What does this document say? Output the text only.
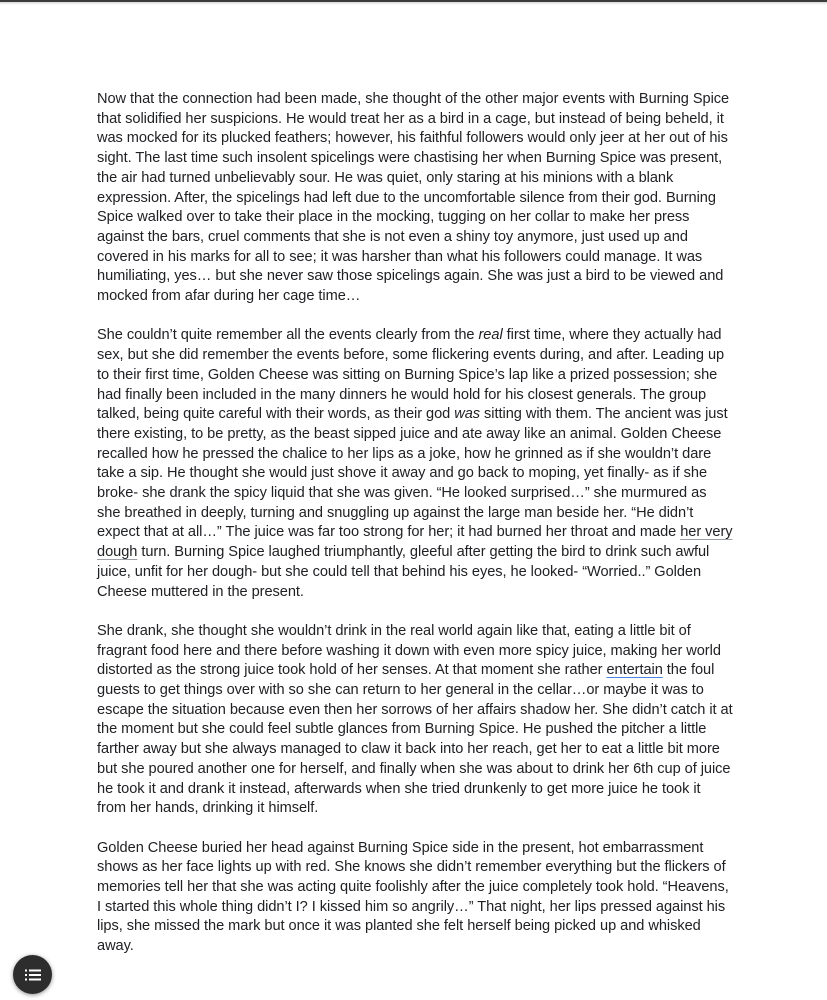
Now that the connection had been made, she thought of the other major events with Burning Spice that solidified her suspicions. He would treat her as a bird in a cage, but instead of being beheld, it was mocked for its plucked feathers; however, his faithful followers would only jeer at her out of his sight. The last time such insolent spicelings were chastising her when Burning Spice was present, the air had turned unbelievably sour. He was quiet, only staring at his minions with a blank expression. After, the spicelings had left due to the uncomfortable silence from their god. Burning Spice walked over to take their place in the mocking, tugging on her collar to make her press against the bars, cruel comments that she is not even a shiny toy anymore, just used up and covered in his marks for all to see; it was harsher than what his followers could manage. It was humiliating, yes… but she never saw those spicelings again. She was just a bird to be viewed and mocked from afar during her cage time…

She couldn’t quite remember all the events clearly from the real first time, where they actually had sex, but she did remember the events before, some flickering events during, and after. Leading up to their first time, Golden Cheese was sitting on Burning Spice’s lap like a prized possession; she had finally been included in the many dinners he would hold for his closest generals. The group talked, being quite careful with their words, as their god was sitting with them. The ancient was just there existing, to be pretty, as the beast sipped juice and ate away like an animal. Golden Cheese recalled how he pressed the chalice to her lips as a joke, how he grinned as if she wouldn’t dare take a sip. He thought she would just shove it away and go back to moping, yet finally- as if she broke- she drank the spicy liquid that she was given. “He looked surprised…” she murmured as she breathed in deeply, turning and snuggling up against the large man beside her. “He didn’t expect that at all…” The juice was far too strong for her; it had burned her throat and made her very dough turn. Burning Spice laughed triumphantly, gleeful after getting the bird to drink such awful juice, unfit for her dough- but she could tell that behind his eyes, he looked- “Worried..” Golden Cheese muttered in the present.

She drank, she thought she wouldn’t drink in the real world again like that, eating a little bit of fragrant food here and there before washing it down with even more spicy juice, making her world distorted as the strong juice took hold of her senses. At that moment she rather entertain the foul guests to get things over with so she can return to her general in the cellar…or maybe it was to escape the situation because even then her sorrows of her affairs shadow her. She didn’t catch it at the moment but she could feel subtle glances from Burning Spice. He pushed the pitcher a little farther away but she always managed to claw it back into her reach, get her to eat a little bit more but she poured another one for herself, and finally when she was about to drink her 6th cup of juice he took it and drank it instead, afterwards when she tried drunkenly to get more juice he took it from her hands, drinking it himself.

Golden Cheese buried her head against Burning Spice side in the present, hot embarrassment shows as her face lights up with red. She knows she didn’t remember everything but the flickers of memories tell her that she was acting quite foolishly after the juice completely took hold. “Heavens, I started this whole thing didn’t I? I kissed him so angrily…” That night, her lips pressed against his lips, she missed the mark but once it was planted she felt herself being picked up and whisked away.
